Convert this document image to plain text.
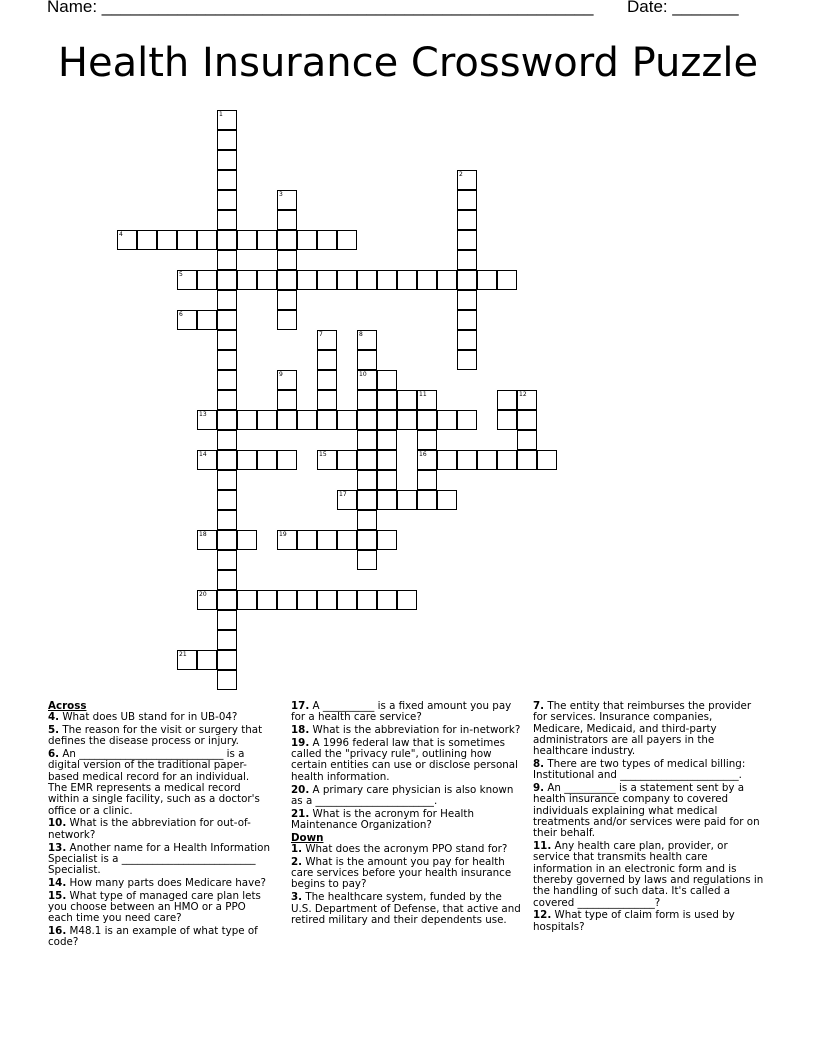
Name: ____________________________________________________ Date: _______
Health Insurance Crossword Puzzle
1
2
3
7	8
10
11
16
12
9
4
5
6
13
14	15
17
18	19
20
21
Across
4. What does UB stand for in UB-04?
5. The reason for the visit or surgery that defines the disease process or injury.
6. An ____________________________ is a digital version of the traditional paper-based medical record for an individual. The EMR represents a medical record within a single facility, such as a doctor's office or a clinic.
10. What is the abbreviation for out-of-network?
13. Another name for a Health Information Specialist is a __________________________ Specialist.
14. How many parts does Medicare have?
15. What type of managed care plan lets you choose between an HMO or a PPO each time you need care?
16. M48.1 is an example of what type of code?
17. A __________ is a fixed amount you pay for a health care service?
18. What is the abbreviation for in-network?
19. A 1996 federal law that is sometimes called the "privacy rule", outlining how certain entities can use or disclose personal health information.
20. A primary care physician is also known as a _______________________.
21. What is the acronym for Health Maintenance Organization?
Down
1. What does the acronym PPO stand for?
2. What is the amount you pay for health care services before your health insurance begins to pay?
3. The healthcare system, funded by the U.S. Department of Defense, that active and retired military and their dependents use.
7. The entity that reimburses the provider for services. Insurance companies, Medicare, Medicaid, and third-party administrators are all payers in the healthcare industry.
8. There are two types of medical billing: Institutional and _______________________.
9. An __________ is a statement sent by a health insurance company to covered individuals explaining what medical treatments and/or services were paid for on their behalf.
11. Any health care plan, provider, or service that transmits health care information in an electronic form and is thereby governed by laws and regulations in the handling of such data. It's called a covered _______________?
12. What type of claim form is used by hospitals?
